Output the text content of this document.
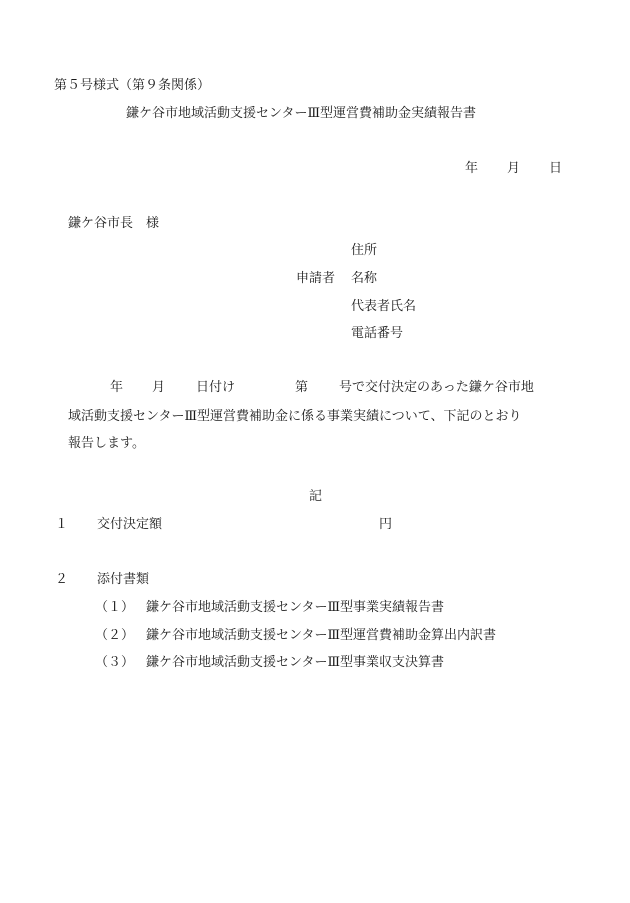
第５号様式（第９条関係）
鎌ケ谷市地域活動支援センターⅢ型運営費補助金実績報告書
年 月 日
鎌ケ谷市長　様
住所
申請者 名称
代表者氏名
電話番号
年 月 日付け	第 号で交付決定のあった鎌ケ谷市地
域活動支援センターⅢ型運営費補助金に係る事業実績について、下記のとおり
報告します。
記
１ 交付決定額	円
２ 添付書類
（１） 鎌ケ谷市地域活動支援センターⅢ型事業実績報告書
（２） 鎌ケ谷市地域活動支援センターⅢ型運営費補助金算出内訳書
（３） 鎌ケ谷市地域活動支援センターⅢ型事業収支決算書
